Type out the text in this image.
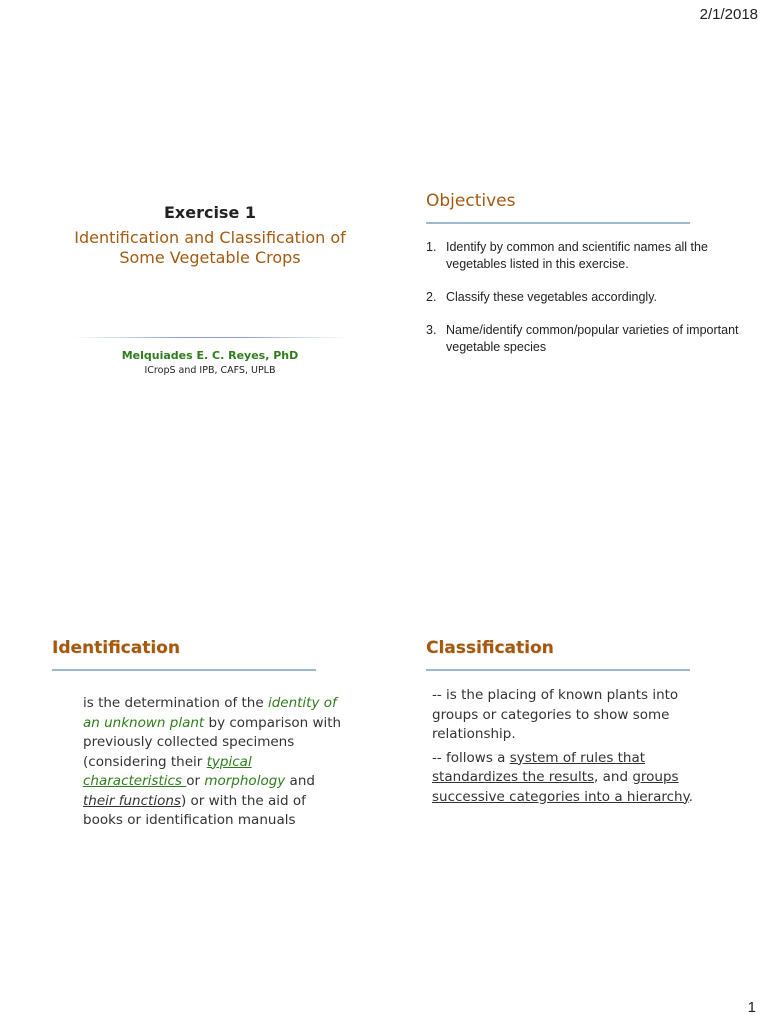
2/1/2018
Exercise 1
Identification and Classification of
Some Vegetable Crops
Melquiades E. C. Reyes, PhD
ICropS and IPB, CAFS, UPLB
Objectives
1. Identify by common and scientific names all the vegetables listed in this exercise.
2. Classify these vegetables accordingly.
3. Name/identify common/popular varieties of important vegetable species
Identification
is the determination of the identity of an unknown plant by comparison with previously collected specimens (considering their typical characteristics or morphology and their functions) or with the aid of books or identification manuals
Classification
-- is the placing of known plants into groups or categories to show some relationship.
-- follows a system of rules that standardizes the results, and groups successive categories into a hierarchy.
1
